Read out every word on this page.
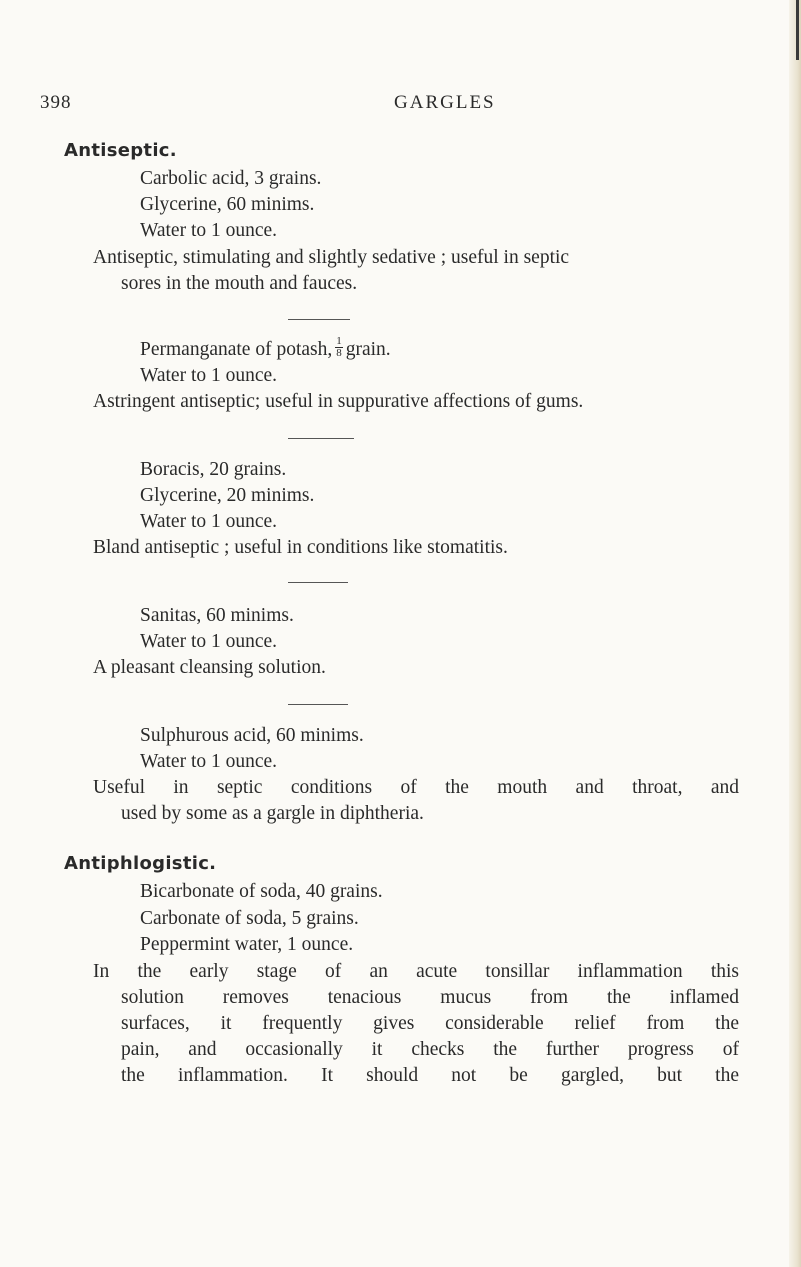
398	GARGLES
Antiseptic.
Carbolic acid, 3 grains.
Glycerine, 60 minims.
Water to 1 ounce.
Antiseptic, stimulating and slightly sedative ; useful in septic
sores in the mouth and fauces.
Permanganate of potash, $\frac{1}{8}$ grain.
Water to 1 ounce.
Astringent antiseptic; useful in suppurative affections of gums.
Boracis, 20 grains.
Glycerine, 20 minims.
Water to 1 ounce.
Bland antiseptic ; useful in conditions like stomatitis.
Sanitas, 60 minims.
Water to 1 ounce.
A pleasant cleansing solution.
Sulphurous acid, 60 minims.
Water to 1 ounce.
Useful in septic conditions of the mouth and throat, and
used by some as a gargle in diphtheria.
Antiphlogistic.
Bicarbonate of soda, 40 grains.
Carbonate of soda, 5 grains.
Peppermint water, 1 ounce.
In the early stage of an acute tonsillar inflammation this
solution removes tenacious mucus from the inflamed
surfaces, it frequently gives considerable relief from the
pain, and occasionally it checks the further progress of
the inflammation. It should not be gargled, but the
